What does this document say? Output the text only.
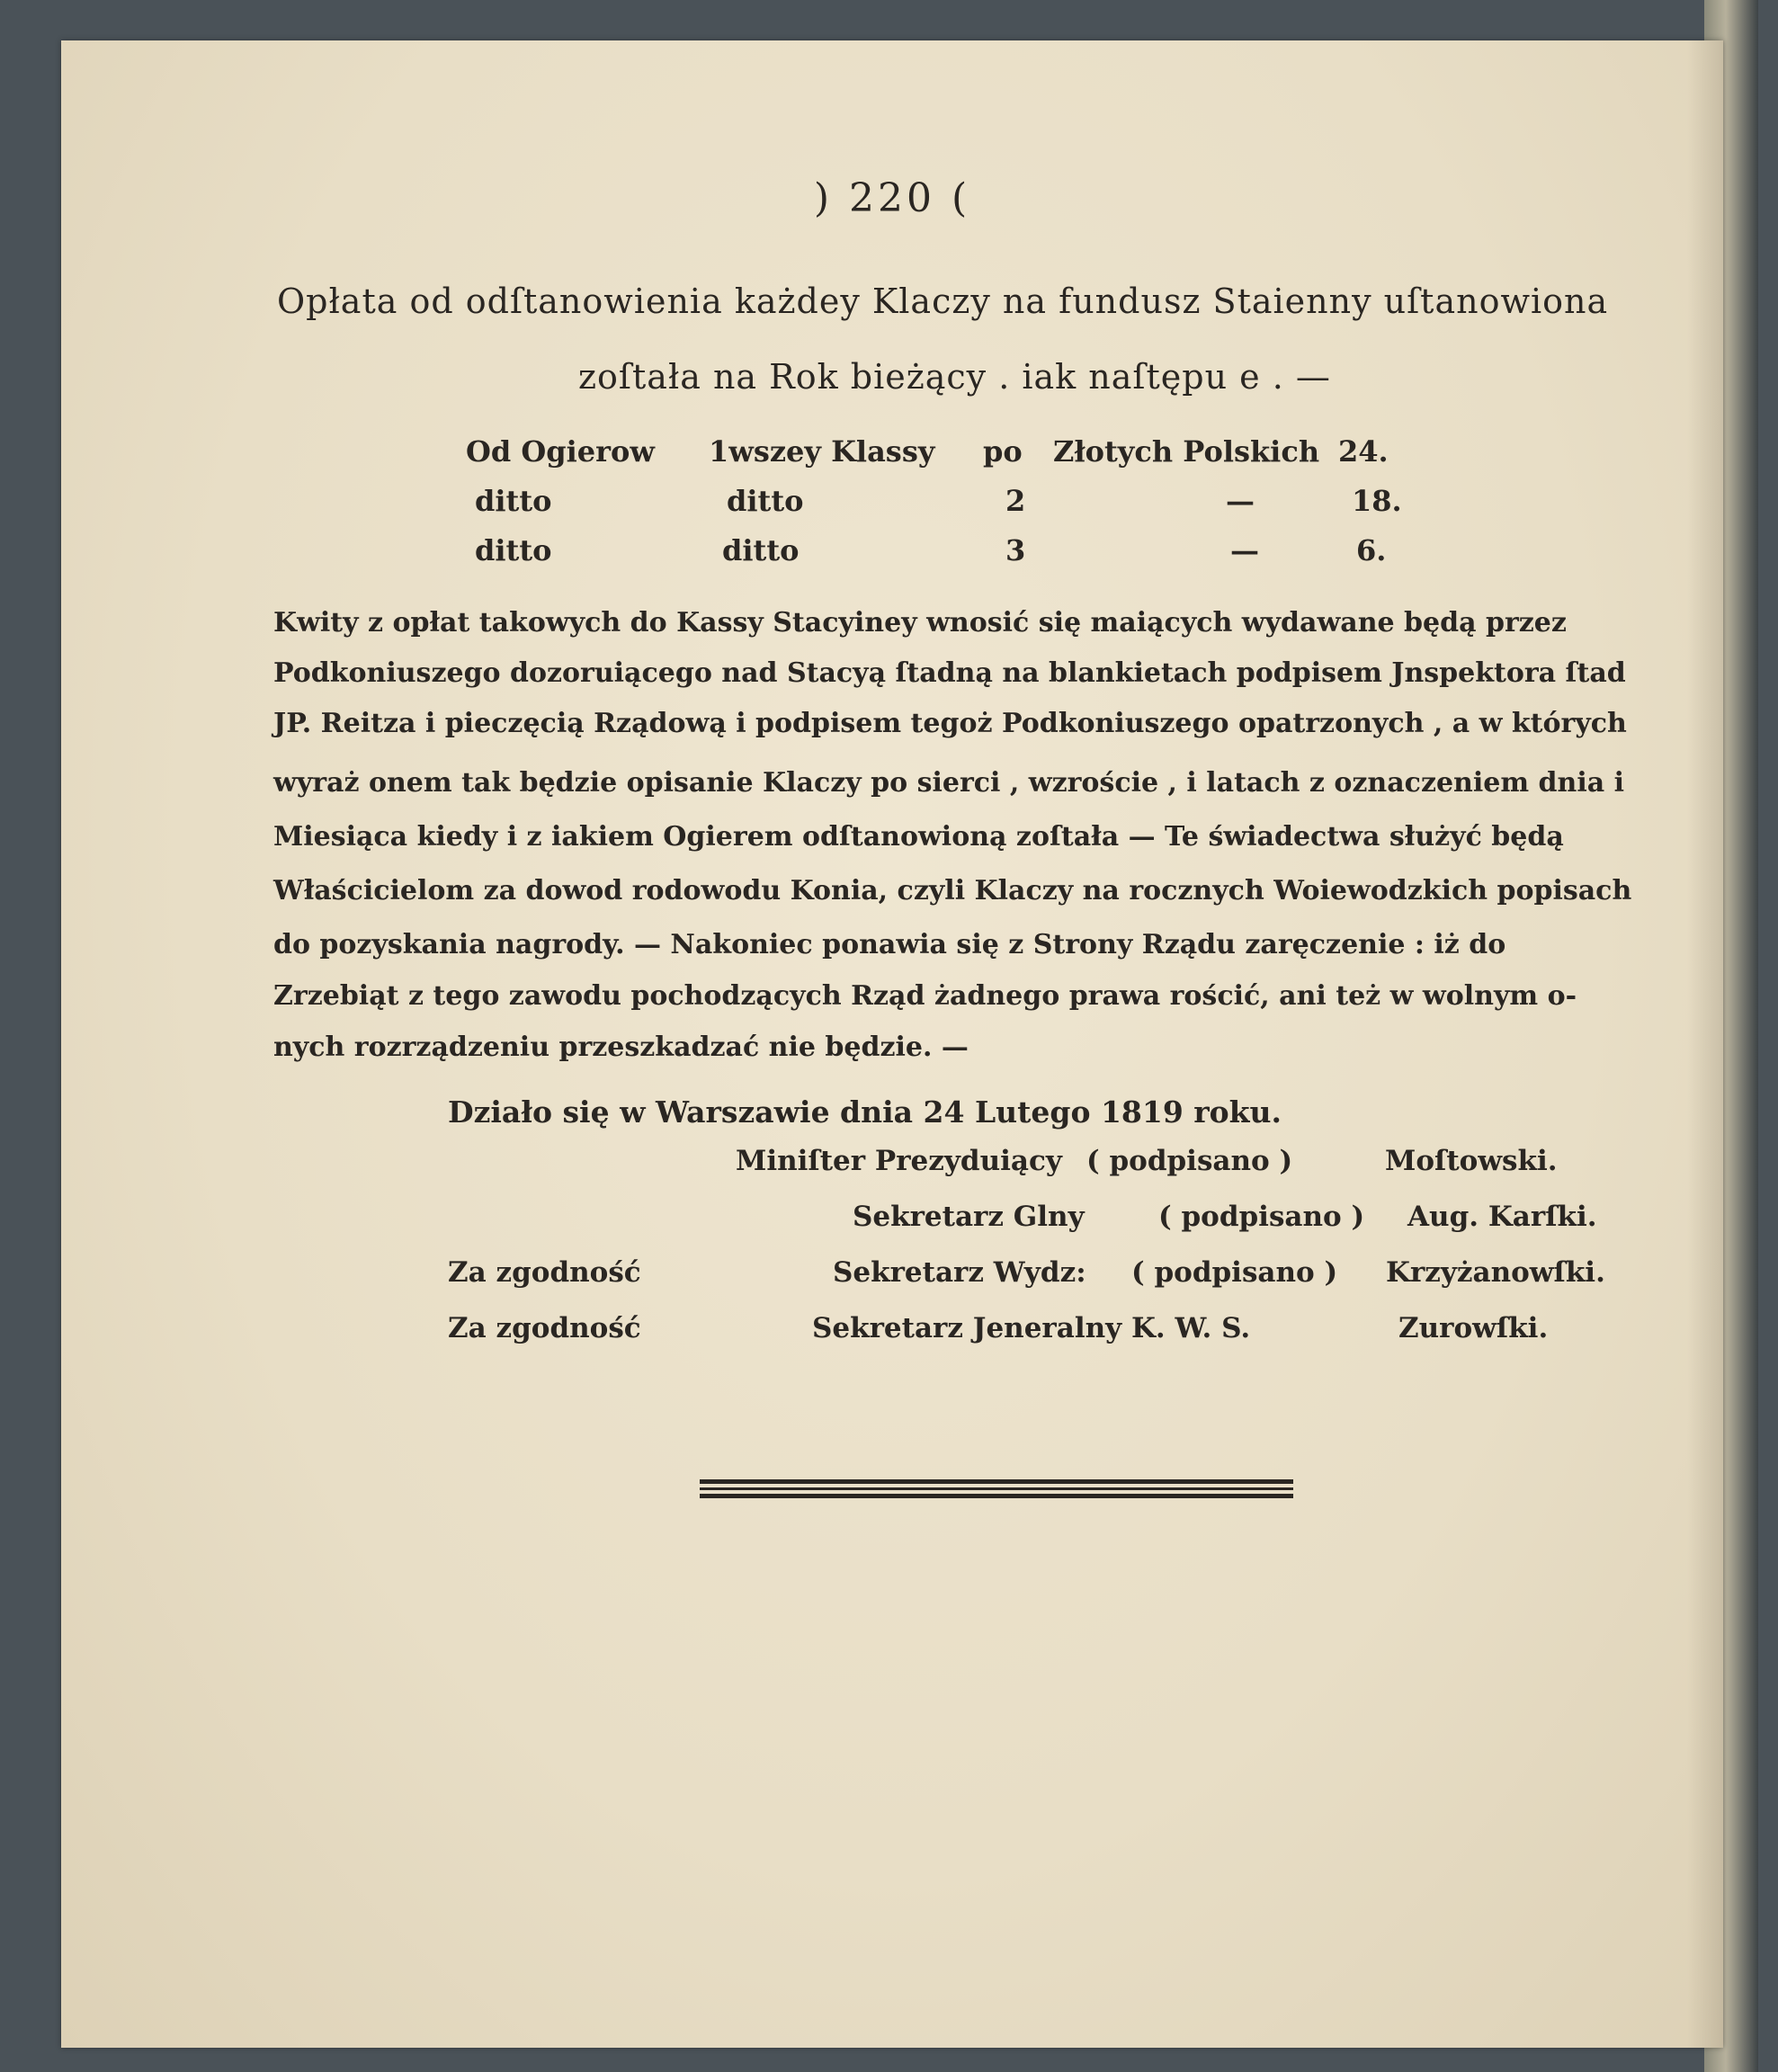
) 220 (
Opłata od odſtanowienia każdey Klaczy na fundusz Staienny uſtanowiona
zoſtała na Rok bieżący . iak naſtępu e . —
Od Ogierow 1wszey Klassy po Złotych Polskich 24.
ditto	ditto	2	—	18.
ditto	ditto	3	—	6.
Kwity z opłat takowych do Kassy Stacyiney wnosić się maiących wydawane będą przez
Podkoniuszego dozoruiącego nad Stacyą ſtadną na blankietach podpisem Jnspektora ſtad
JP. Reitza i pieczęcią Rządową i podpisem tegoż Podkoniuszego opatrzonych , a w których
wyraż onem tak będzie opisanie Klaczy po sierci , wzroście , i latach z oznaczeniem dnia i
Miesiąca kiedy i z iakiem Ogierem odſtanowioną zoſtała — Te świadectwa służyć będą
Właścicielom za dowod rodowodu Konia, czyli Klaczy na rocznych Woiewodzkich popisach
do pozyskania nagrody. — Nakoniec ponawia się z Strony Rządu zaręczenie : iż do
Zrzebiąt z tego zawodu pochodzących Rząd żadnego prawa rościć, ani też w wolnym o-
nych rozrządzeniu przeszkadzać nie będzie. —
Działo się w Warszawie dnia 24 Lutego 1819 roku.
Miniſter Prezyduiący ( podpisano )	Moſtowski.
Sekretarz Glny	( podpisano ) Aug. Karſki.
Za zgodność	Sekretarz Wydz: ( podpisano ) Krzyżanowſki.
Za zgodność	Sekretarz Jeneralny K. W. S.	Zurowſki.
